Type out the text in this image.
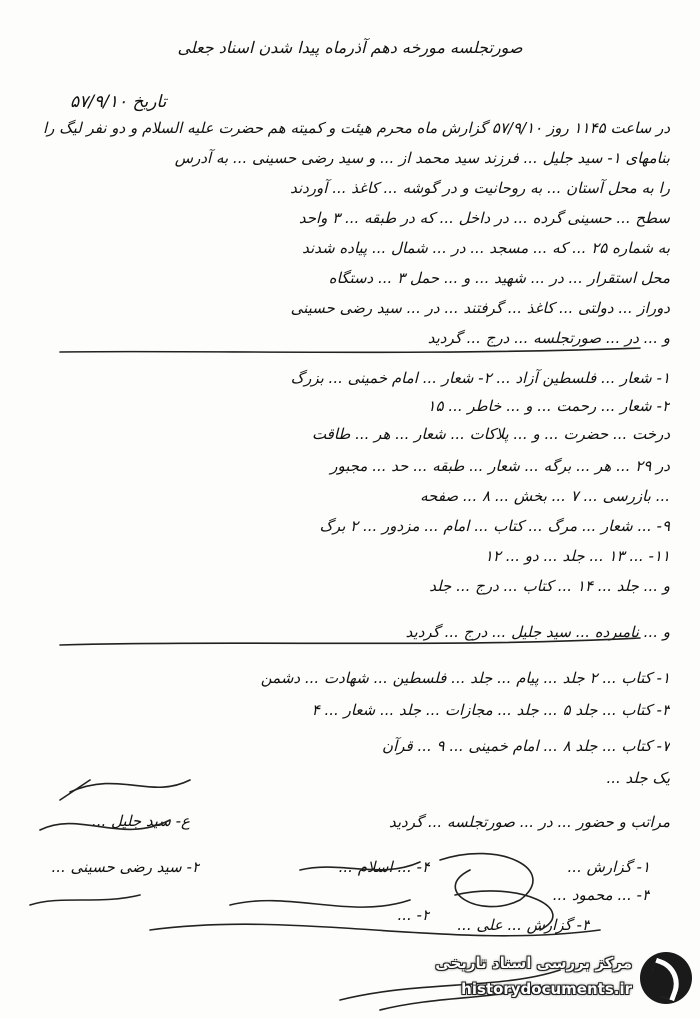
صورتجلسه مورخه دهم آذرماه پیدا شدن اسناد جعلی
تاریخ ۵۷/۹/۱۰
در ساعت ۱۱۴۵ روز ۵۷/۹/۱۰ گزارش ماه محرم هیئت و کمیته هم حضرت علیه السلام و دو نفر لیگ را
بنامهای ۱- سید جلیل ... فرزند سید محمد از ... و سید رضی حسینی ... به آدرس
را به محل آستان ... به روحانیت و در گوشه ... کاغذ ... آوردند
سطح ... حسینی گرده ... در داخل ... که در طبقه ... ۳ واحد
به شماره ۲۵ ... که ... مسجد ... در ... شمال ... پیاده شدند
محل استقرار ... در ... شهید ... و ... حمل ۳ ... دستگاه
دوراز ... دولتی ... کاغذ ... گرفتند ... در ... سید رضی حسینی
و ... در ... صورتجلسه ... درج ... گردید
۱- شعار ... فلسطین آزاد ... ۲- شعار ... امام خمینی ... بزرگ
۲- شعار ... رحمت ... و ... خاطر ... ۱۵
درخت ... حضرت ... و ... پلاکات ... شعار ... هر ... طاقت
در ۲۹ ... هر ... برگه ... شعار ... طبقه ... حد ... مجبور
... بازرسی ... ۷ ... بخش ... ۸ ... صفحه
۹- ... شعار ... مرگ ... کتاب ... امام ... مزدور ... ۲ برگ
۱۱- ... ۱۳ ... جلد ... دو ... ۱۲
و ... جلد ... ۱۴ ... کتاب ... درج ... جلد
و ... نامبرده ... سید جلیل ... درج ... گردید
۱- کتاب ... ۲ جلد ... پیام ... جلد ... فلسطین ... شهادت ... دشمن
۳- کتاب ... جلد ۵ ... جلد ... مجازات ... جلد ... شعار ... ۴
۷- کتاب ... جلد ۸ ... امام خمینی ... ۹ ... قرآن
یک جلد ...
مراتب و حضور ... در ... صورتجلسه ... گردید
ع- سید جلیل ...
۲- سید رضی حسینی ...	۱- گزارش ...
۳- ... محمود ...
۴- ... اسلام ...
۲- ...
۳- گزارش ... علی ...
مرکز بررسی اسناد تاریخی
historydocuments.ir
